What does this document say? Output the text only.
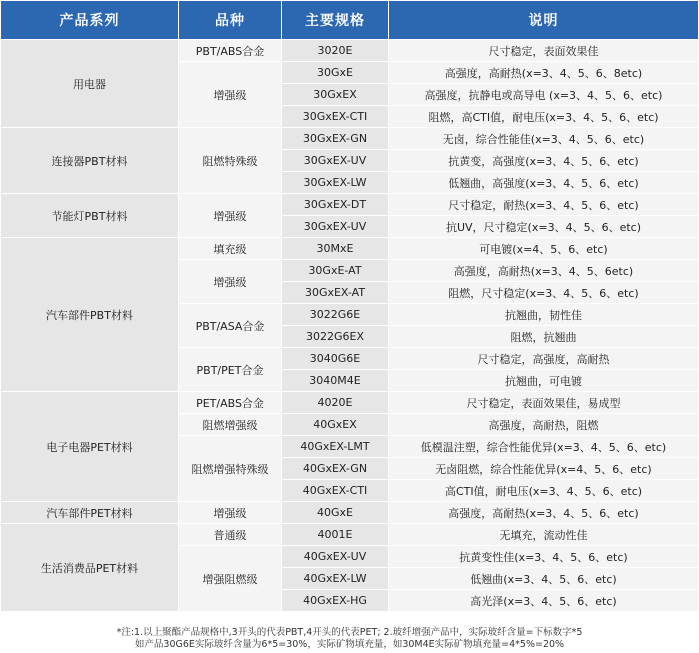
产品系列	品种	主要规格	说明
用电器	PBT/ABS合金	3020E	尺寸稳定，表面效果佳
	增强级	30GxE	高强度，高耐热(x=3、4、5、6、8etc)
		30GxEX	高强度，抗静电或高导电 (x=3、4、5、6、etc)
		30GxEX-CTI	阻燃，高CTI值，耐电压(x=3、4、5、6、etc)
连接器PBT材料	阻燃特殊级	30GxEX-GN	无卤，综合性能佳(x=3、4、5、6、etc)
		30GxEX-UV	抗黄变，高强度(x=3、4、5、6、etc)
		30GxEX-LW	低翘曲，高强度(x=3、4、5、6、etc)
节能灯PBT材料	增强级	30GxEX-DT	尺寸稳定，耐热(x=3、4、5、6、etc)
		30GxEX-UV	抗UV，尺寸稳定(x=3、4、5、6、etc)
汽车部件PBT材料	填充级	30MxE	可电镀(x=4、5、6、etc)
	增强级	30GxE-AT	高强度，高耐热(x=3、4、5、6etc)
		30GxEX-AT	阻燃，尺寸稳定(x=3、4、5、6、etc)
	PBT/ASA合金	3022G6E	抗翘曲，韧性佳
		3022G6EX	阻燃，抗翘曲
	PBT/PET合金	3040G6E	尺寸稳定，高强度，高耐热
		3040M4E	抗翘曲，可电镀
电子电器PET材料	PET/ABS合金	4020E	尺寸稳定，表面效果佳，易成型
	阻燃增强级	40GxEX	高强度，高耐热，阻燃
	阻燃增强特殊级	40GxEX-LMT	低模温注塑，综合性能优异(x=3、4、5、6、etc)
		40GxEX-GN	无卤阻燃，综合性能优异(x=4、5、6、etc)
		40GxEX-CTI	高CTI值，耐电压(x=3、4、5、6、etc)
汽车部件PET材料	增强级	40GxE	高强度，高耐热(x=3、4、5、6、etc)
生活消费品PET材料	普通级	4001E	无填充，流动性佳
	增强阻燃级	40GxEX-UV	抗黄变性佳(x=3、4、5、6、etc)
		40GxEX-LW	低翘曲(x=3、4、5、6、etc)
		40GxEX-HG	高光泽(x=3、4、5、6、etc)
*注:1.以上聚酯产品规格中,3开头的代表PBT,4开头的代表PET; 2.玻纤增强产品中，实际玻纤含量=下标数字*5
如产品30G6E实际玻纤含量为6*5=30%，实际矿物填充量，如30M4E实际矿物填充量=4*5%=20%
